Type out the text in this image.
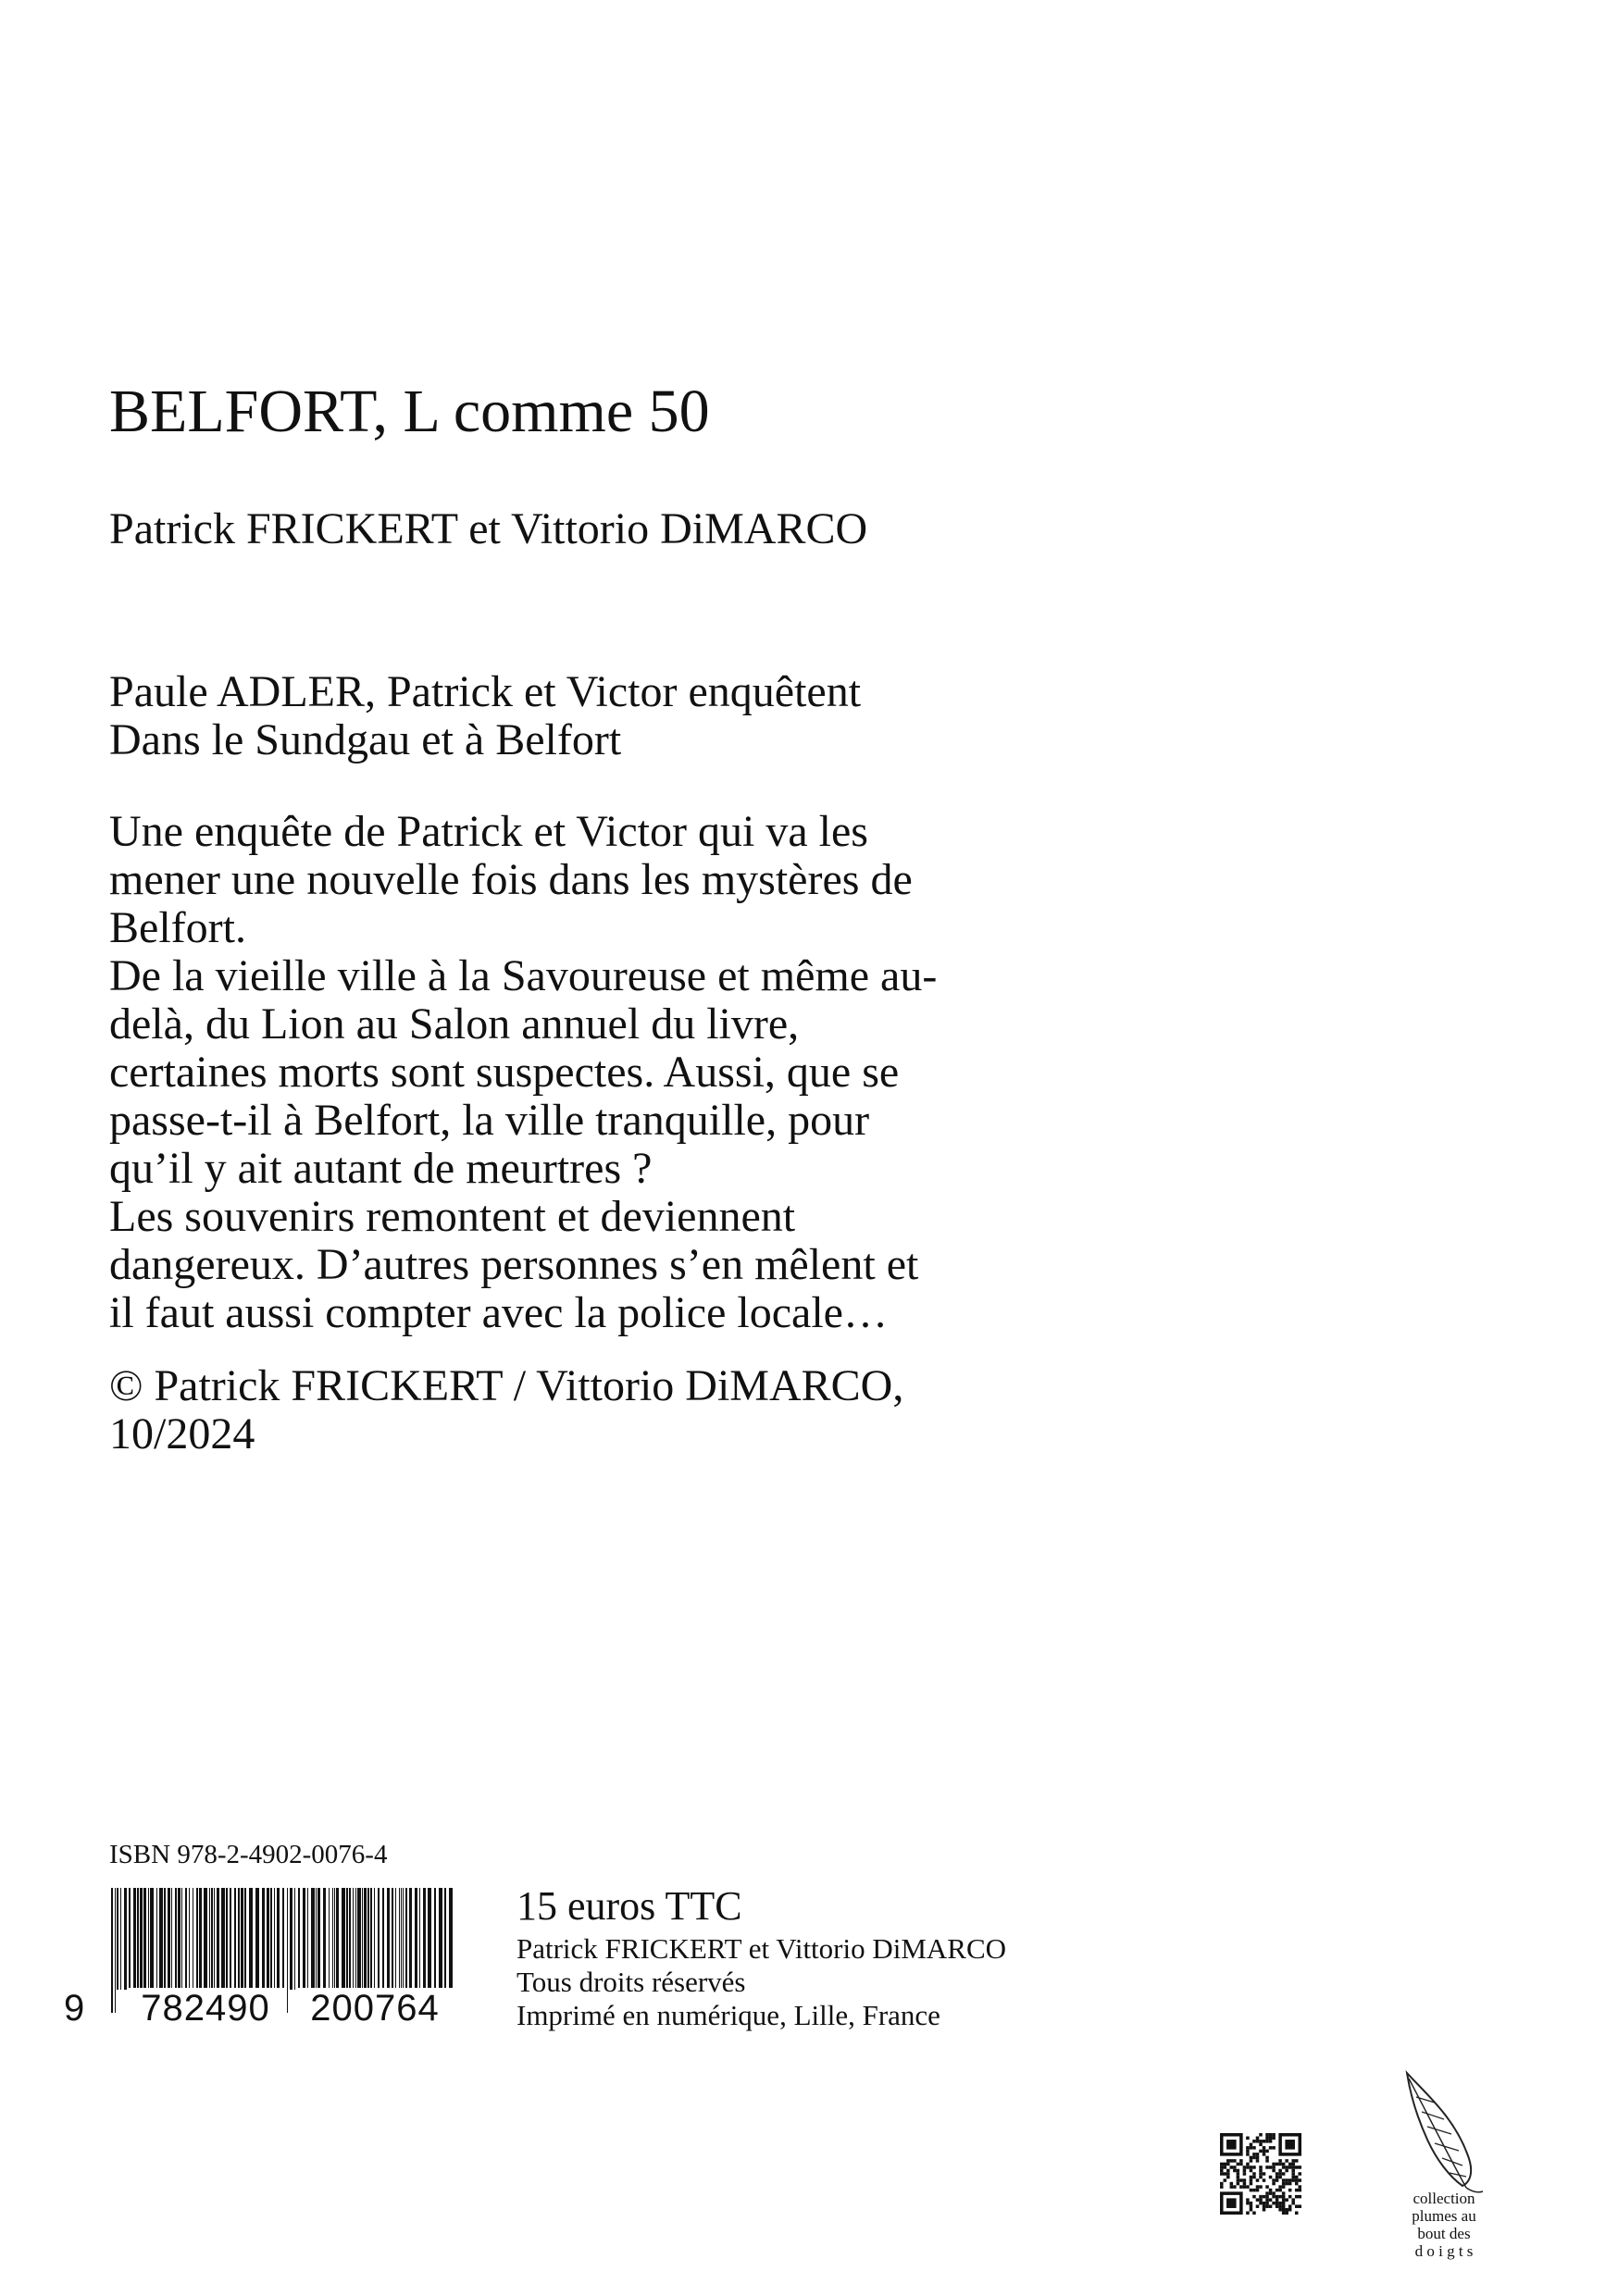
BELFORT, L comme 50
Patrick FRICKERT et Vittorio DiMARCO
Paule ADLER, Patrick et Victor enquêtent
Dans le Sundgau et à Belfort
Une enquête de Patrick et Victor qui va les
mener une nouvelle fois dans les mystères de
Belfort.
De la vieille ville à la Savoureuse et même au-
delà, du Lion au Salon annuel du livre,
certaines morts sont suspectes. Aussi, que se
passe-t-il à Belfort, la ville tranquille, pour
qu’il y ait autant de meurtres ?
Les souvenirs remontent et deviennent
dangereux. D’autres personnes s’en mêlent et
il faut aussi compter avec la police locale…
© Patrick FRICKERT / Vittorio DiMARCO,
10/2024
ISBN 978-2-4902-0076-4
9	782490	200764
15 euros TTC
Patrick FRICKERT et Vittorio DiMARCO
Tous droits réservés
Imprimé en numérique, Lille, France
collection
plumes au
bout des
d o i g t s
